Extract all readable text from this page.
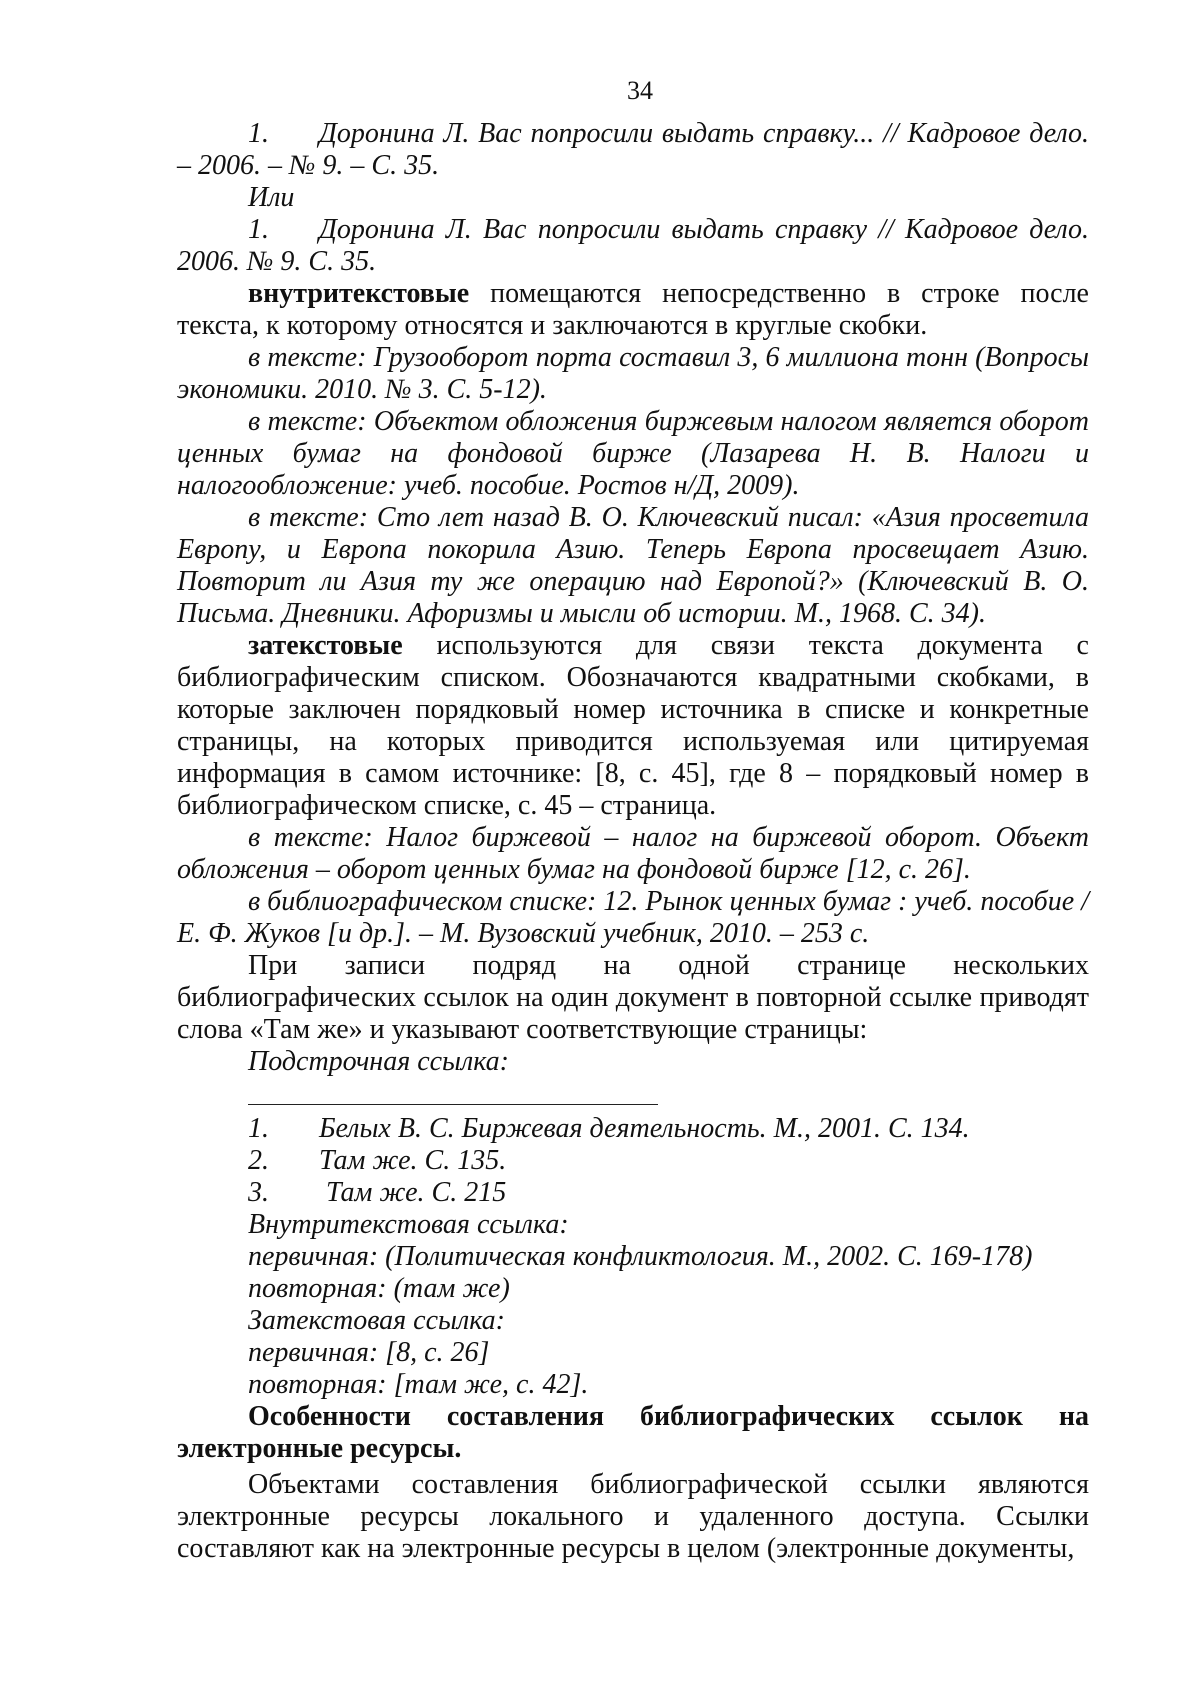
34

1. Доронина Л. Вас попросили выдать справку... // Кадровое дело. – 2006. – № 9. – С. 35.

Или

1. Доронина Л. Вас попросили выдать справку // Кадровое дело. 2006. № 9. С. 35.

внутритекстовые помещаются непосредственно в строке после текста, к которому относятся и заключаются в круглые скобки.

в тексте: Грузооборот порта составил 3, 6 миллиона тонн (Вопросы экономики. 2010. № 3. С. 5-12).

в тексте: Объектом обложения биржевым налогом является оборот ценных бумаг на фондовой бирже (Лазарева Н. В. Налоги и налогообложение: учеб. пособие. Ростов н/Д, 2009).

в тексте: Сто лет назад В. О. Ключевский писал: «Азия просветила Европу, и Европа покорила Азию. Теперь Европа просвещает Азию. Повторит ли Азия ту же операцию над Европой?» (Ключевский В. О. Письма. Дневники. Афоризмы и мысли об истории. М., 1968. С. 34).

затекстовые используются для связи текста документа с библиографическим списком. Обозначаются квадратными скобками, в которые заключен порядковый номер источника в списке и конкретные страницы, на которых приводится используемая или цитируемая информация в самом источнике: [8, с. 45], где 8 – порядковый номер в библиографическом списке, с. 45 – страница.

в тексте: Налог биржевой – налог на биржевой оборот. Объект обложения – оборот ценных бумаг на фондовой бирже [12, с. 26].

в библиографическом списке: 12. Рынок ценных бумаг : учеб. пособие / Е. Ф. Жуков [и др.]. – М. Вузовский учебник, 2010. – 253 с.

При записи подряд на одной странице нескольких библиографических ссылок на один документ в повторной ссылке приводят слова «Там же» и указывают соответствующие страницы:

Подстрочная ссылка:

1. Белых В. С. Биржевая деятельность. М., 2001. С. 134.

2. Там же. С. 135.

3. Там же. С. 215

Внутритекстовая ссылка:

первичная: (Политическая конфликтология. М., 2002. С. 169-178)

повторная: (там же)

Затекстовая ссылка:

первичная: [8, с. 26]

повторная: [там же, с. 42].

Особенности составления библиографических ссылок на электронные ресурсы.

Объектами составления библиографической ссылки являются электронные ресурсы локального и удаленного доступа. Ссылки составляют как на электронные ресурсы в целом (электронные документы,
